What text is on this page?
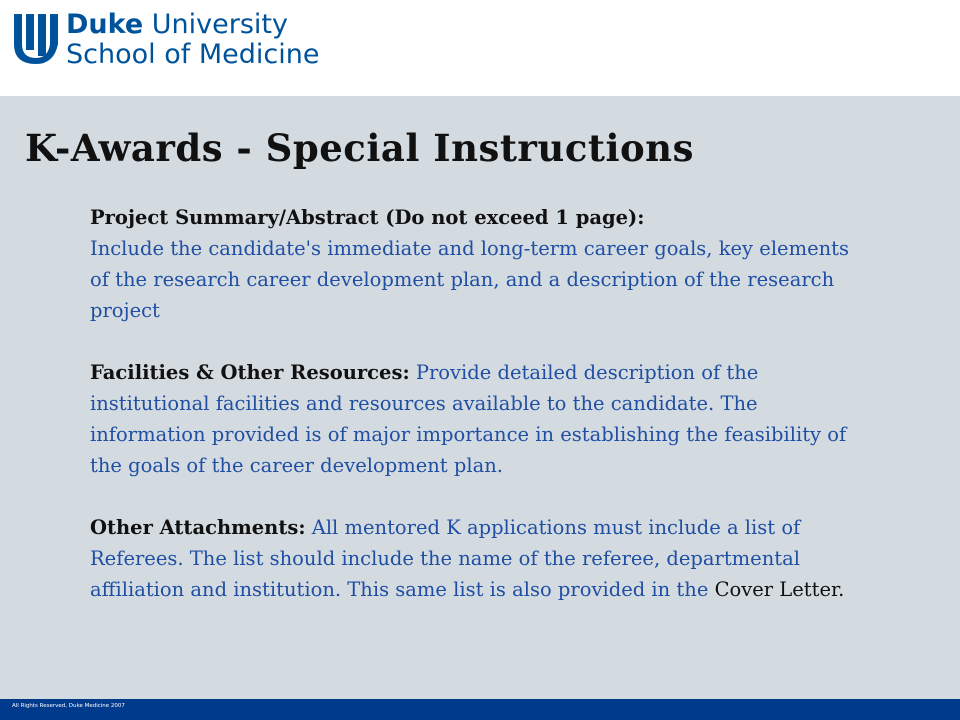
Duke University
School of Medicine
K-Awards - Special Instructions
Project Summary/Abstract (Do not exceed 1 page):
Include the candidate's immediate and long-term career goals, key elements of the research career development plan, and a description of the research project
Facilities & Other Resources: Provide detailed description of the institutional facilities and resources available to the candidate. The information provided is of major importance in establishing the feasibility of the goals of the career development plan.
Other Attachments: All mentored K applications must include a list of Referees. The list should include the name of the referee, departmental affiliation and institution. This same list is also provided in the Cover Letter.
All Rights Reserved, Duke Medicine 2007
